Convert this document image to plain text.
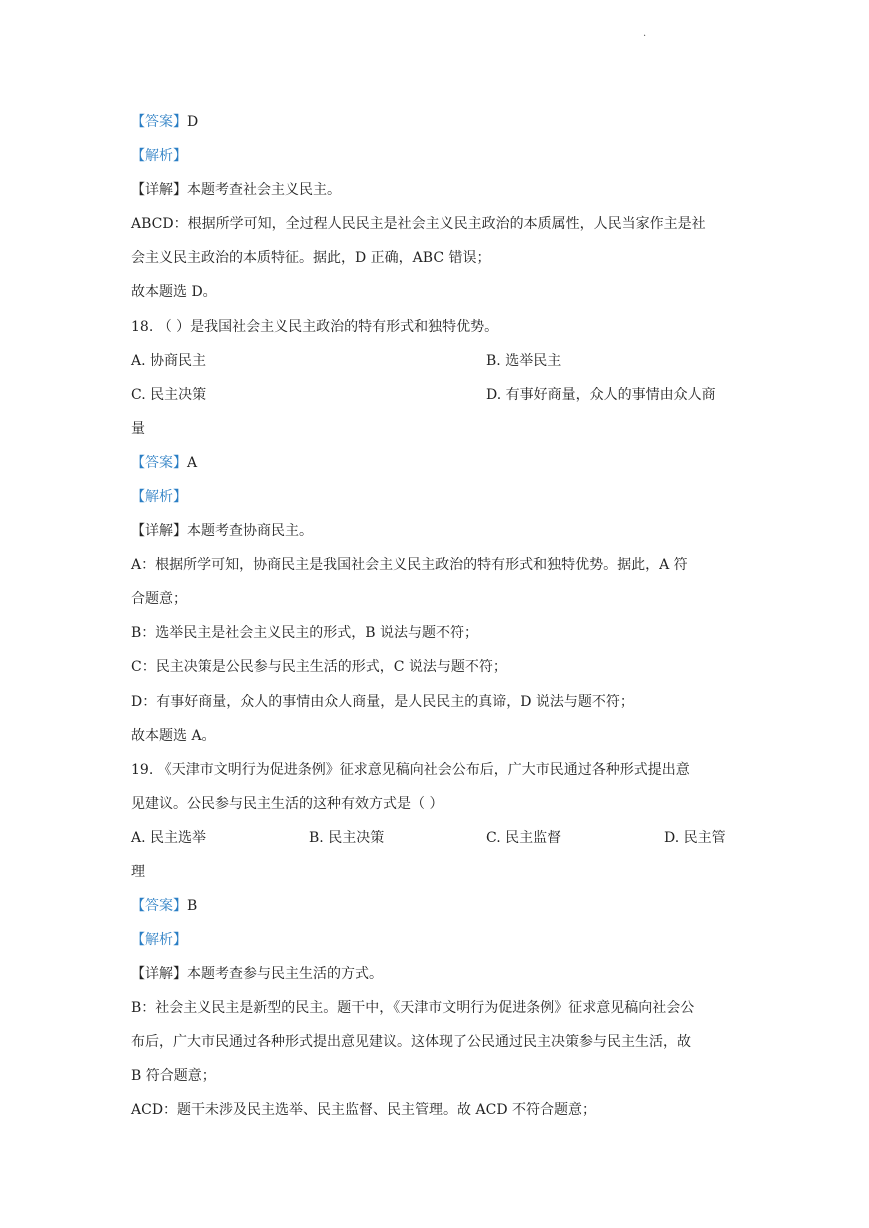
.
【答案】D
【解析】
【详解】本题考查社会主义民主。
ABCD：根据所学可知，全过程人民民主是社会主义民主政治的本质属性，人民当家作主是社
会主义民主政治的本质特征。据此，D 正确，ABC 错误；
故本题选 D。
18. （ ）是我国社会主义民主政治的特有形式和独特优势。
A. 协商民主	B. 选举民主
C. 民主决策	D. 有事好商量，众人的事情由众人商
量
【答案】A
【解析】
【详解】本题考查协商民主。
A：根据所学可知，协商民主是我国社会主义民主政治的特有形式和独特优势。据此，A 符
合题意；
B：选举民主是社会主义民主的形式，B 说法与题不符；
C：民主决策是公民参与民主生活的形式，C 说法与题不符；
D：有事好商量，众人的事情由众人商量，是人民民主的真谛，D 说法与题不符；
故本题选 A。
19. 《天津市文明行为促进条例》征求意见稿向社会公布后，广大市民通过各种形式提出意
见建议。公民参与民主生活的这种有效方式是（ ）
A. 民主选举	B. 民主决策	C. 民主监督	D. 民主管
理
【答案】B
【解析】
【详解】本题考查参与民主生活的方式。
B：社会主义民主是新型的民主。题干中，《天津市文明行为促进条例》征求意见稿向社会公
布后，广大市民通过各种形式提出意见建议。这体现了公民通过民主决策参与民主生活，故
B 符合题意；
ACD：题干未涉及民主选举、民主监督、民主管理。故 ACD 不符合题意；
